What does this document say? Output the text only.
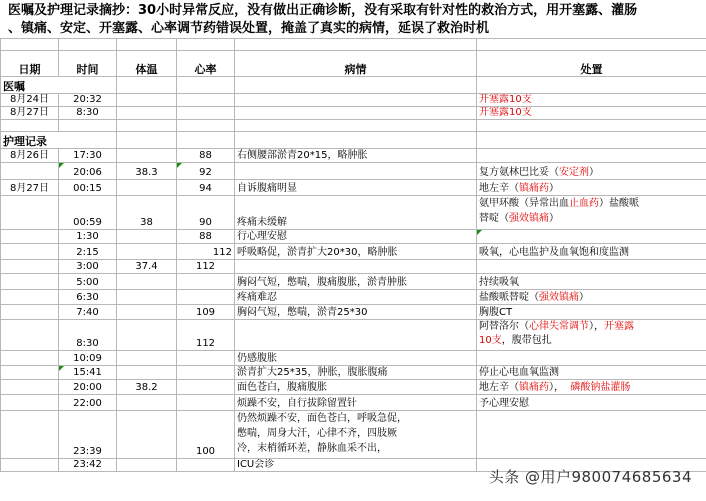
医嘱及护理记录摘抄：30小时异常反应，没有做出正确诊断，没有采取有针对性的救治方式，用开塞露、灌肠
、镇痛、安定、开塞露、心率调节药错误处置，掩盖了真实的病情，延误了救治时机

日期	时间	体温	心率	病情	处置
医嘱					
8月24日	20:32				开塞露10支
8月27日	8:30				开塞露10支

护理记录					
8月26日	17:30		88	右侧腰部淤青20*15，略肿胀	
	20:06	38.3	92		复方氨林巴比妥（安定剂）
8月27日	00:15		94	自诉腹痛明显	地左辛（镇痛药）
	00:59	38	90	疼痛未缓解	氨甲环酸（异常出血止血药）盐酸哌
替啶（强效镇痛）
	1:30		88	行心理安慰	
	2:15		112	呼吸略促，淤青扩大20*30，略肿胀	吸氧，心电监护及血氧饱和度监测
	3:00	37.4	112		
	5:00			胸闷气短，憋喘，腹痛腹胀，淤青肿胀	持续吸氧
	6:30			疼痛难忍	盐酸哌替啶（强效镇痛）
	7:40		109	胸闷气短，憋喘，淤青25*30	胸腹CT
	8:30		112		阿替洛尔（心律失常调节），开塞露
10支，腹带包扎
	10:09			仍感腹胀	
	15:41			淤青扩大25*35，肿胀，腹胀腹痛	停止心电血氧监测
	20:00	38.2		面色苍白，腹痛腹胀	地左辛（镇痛药）， 磷酸钠盐灌肠
	22:00			烦躁不安，自行拔除留置针	予心理安慰
	23:39		100	仍然烦躁不安，面色苍白，呼吸急促，
憋喘，周身大汗，心律不齐，四肢厥
冷，末梢循环差，静脉血采不出，	

	23:42			ICU会诊	
头条 @用户980074685634
